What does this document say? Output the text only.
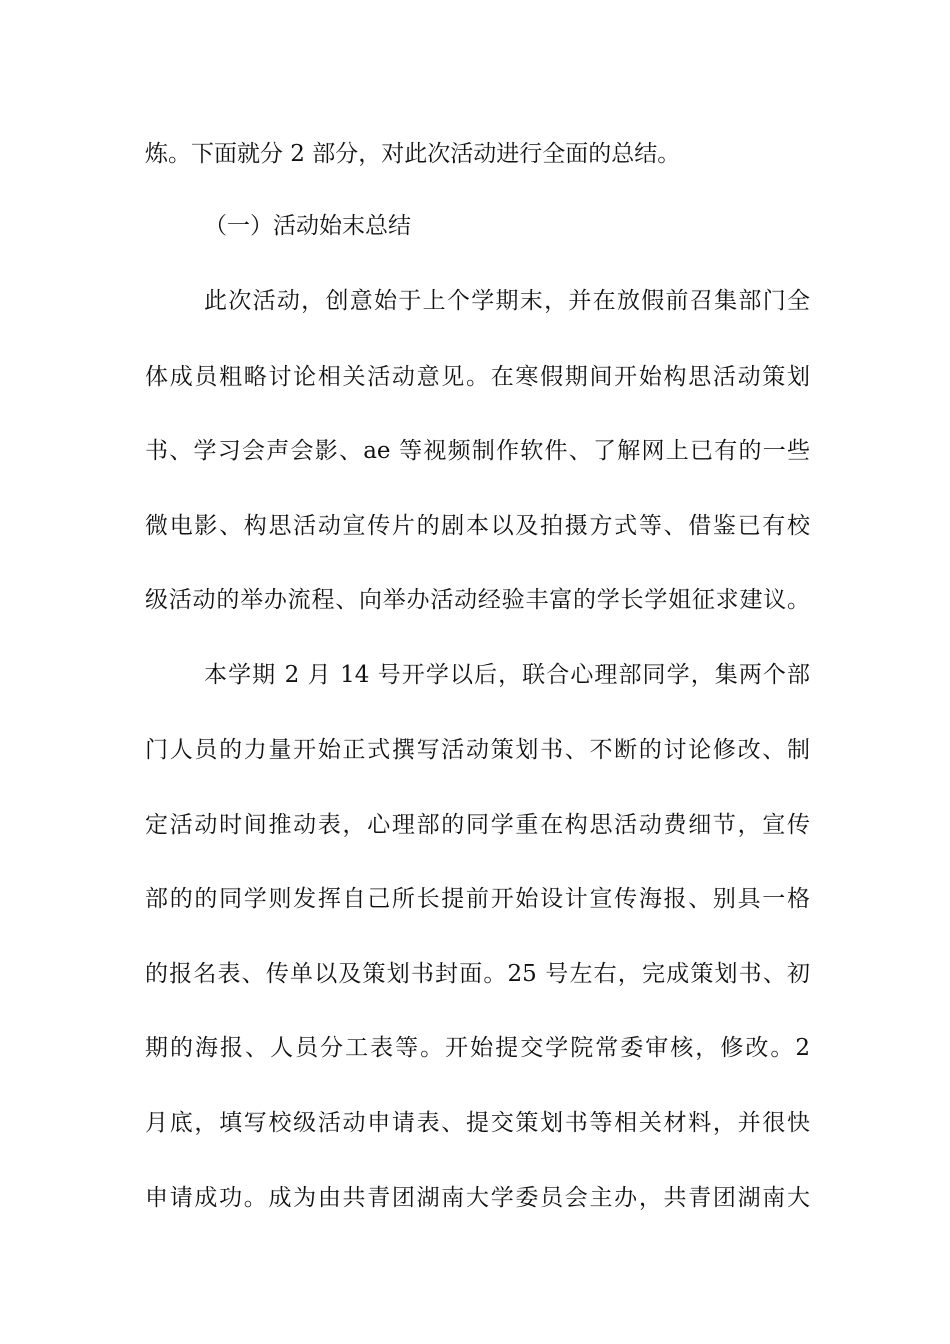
炼。下面就分 2 部分，对此次活动进行全面的总结。
（一）活动始末总结
此次活动，创意始于上个学期末，并在放假前召集部门全
体成员粗略讨论相关活动意见。在寒假期间开始构思活动策划
书、学习会声会影、ae 等视频制作软件、了解网上已有的一些
微电影、构思活动宣传片的剧本以及拍摄方式等、借鉴已有校
级活动的举办流程、向举办活动经验丰富的学长学姐征求建议。
本学期 2 月 14 号开学以后，联合心理部同学，集两个部
门人员的力量开始正式撰写活动策划书、不断的讨论修改、制
定活动时间推动表，心理部的同学重在构思活动费细节，宣传
部的的同学则发挥自己所长提前开始设计宣传海报、别具一格
的报名表、传单以及策划书封面。25 号左右，完成策划书、初
期的海报、人员分工表等。开始提交学院常委审核，修改。2
月底，填写校级活动申请表、提交策划书等相关材料，并很快
申请成功。成为由共青团湖南大学委员会主办，共青团湖南大
